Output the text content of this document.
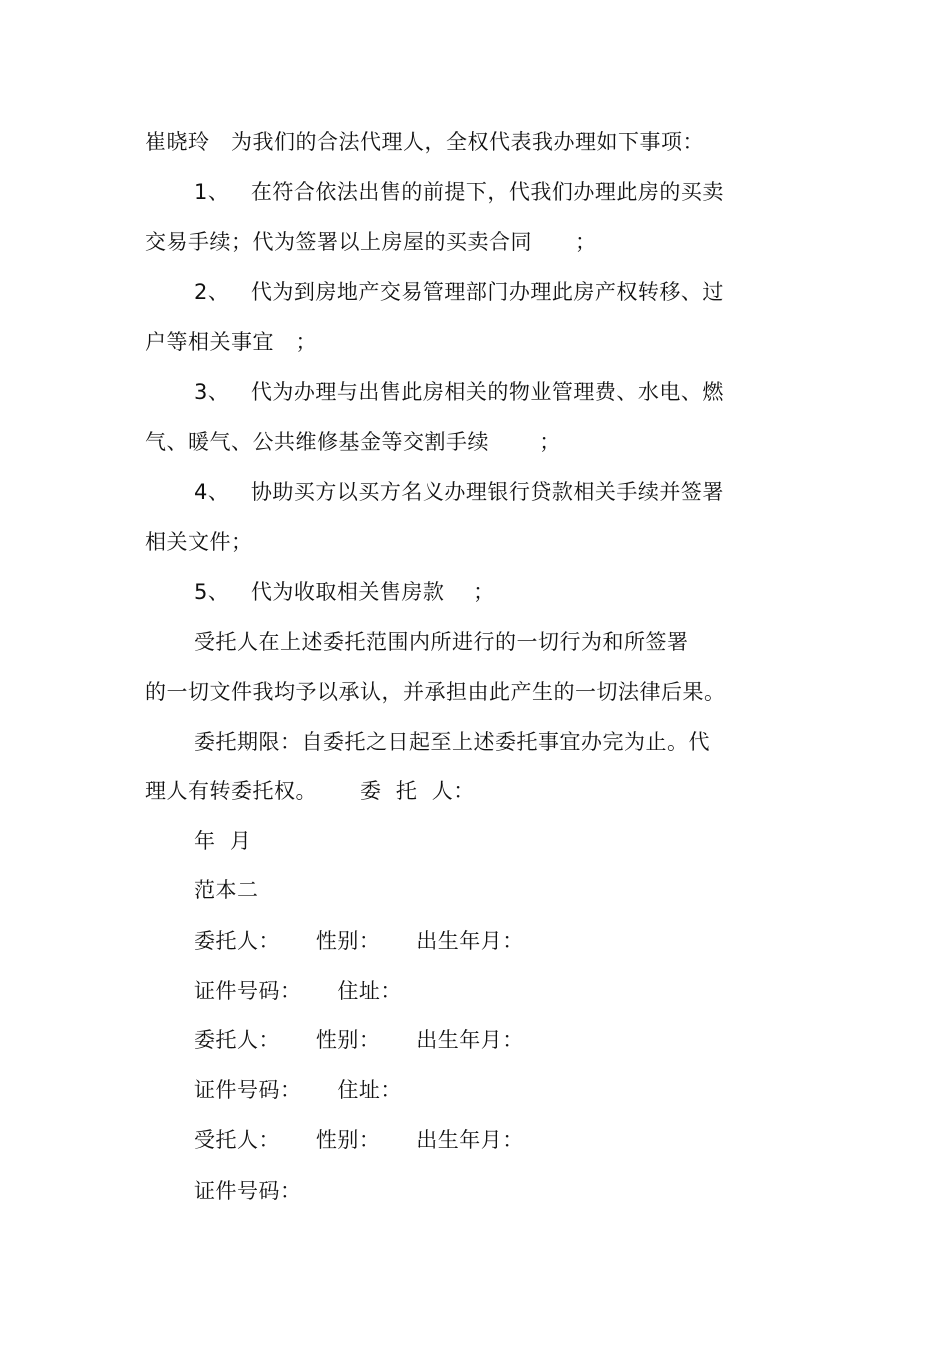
崔晓玲   为我们的合法代理人，全权代表我办理如下事项：
1、   在符合依法出售的前提下，代我们办理此房的买卖
交易手续；代为签署以上房屋的买卖合同      ；
2、   代为到房地产交易管理部门办理此房产权转移、过
户等相关事宜   ；
3、   代为办理与出售此房相关的物业管理费、水电、燃
气、暖气、公共维修基金等交割手续       ；
4、   协助买方以买方名义办理银行贷款相关手续并签署
相关文件；
5、   代为收取相关售房款    ；
受托人在上述委托范围内所进行的一切行为和所签署
的一切文件我均予以承认，并承担由此产生的一切法律后果。
委托期限：自委托之日起至上述委托事宜办完为止。代
理人有转委托权。      委  托  人：
年  月
范本二
委托人：     性别：     出生年月：
证件号码：     住址：
委托人：     性别：     出生年月：
证件号码：     住址：
受托人：     性别：     出生年月：
证件号码：
